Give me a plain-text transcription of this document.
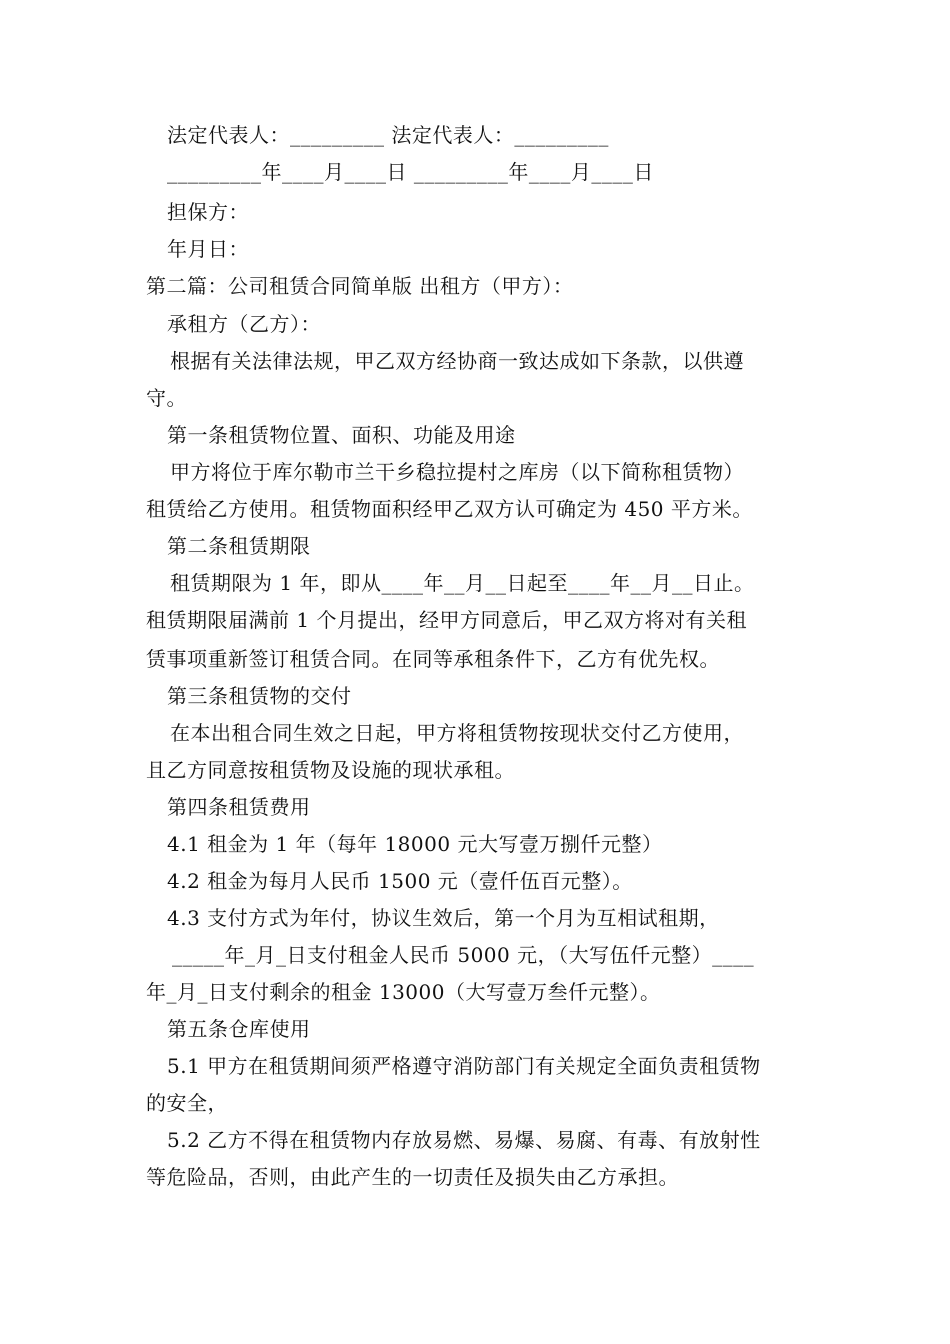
法定代表人：_________ 法定代表人：_________
_________年____月____日 _________年____月____日
担保方：
年月日：
第二篇：公司租赁合同简单版 出租方（甲方）：
承租方（乙方）：
根据有关法律法规，甲乙双方经协商一致达成如下条款，以供遵
守。
第一条租赁物位置、面积、功能及用途
甲方将位于库尔勒市兰干乡稳拉提村之库房（以下简称租赁物）
租赁给乙方使用。租赁物面积经甲乙双方认可确定为 450 平方米。
第二条租赁期限
租赁期限为 1 年，即从____年__月__日起至____年__月__日止。
租赁期限届满前 1 个月提出，经甲方同意后，甲乙双方将对有关租
赁事项重新签订租赁合同。在同等承租条件下，乙方有优先权。
第三条租赁物的交付
在本出租合同生效之日起，甲方将租赁物按现状交付乙方使用，
且乙方同意按租赁物及设施的现状承租。
第四条租赁费用
4.1 租金为 1 年（每年 18000 元大写壹万捌仟元整）
4.2 租金为每月人民币 1500 元（壹仟伍百元整）。
4.3 支付方式为年付，协议生效后，第一个月为互相试租期，
_____年_月_日支付租金人民币 5000 元，（大写伍仟元整）____
年_月_日支付剩余的租金 13000（大写壹万叁仟元整）。
第五条仓库使用
5.1 甲方在租赁期间须严格遵守消防部门有关规定全面负责租赁物
的安全，
5.2 乙方不得在租赁物内存放易燃、易爆、易腐、有毒、有放射性
等危险品，否则，由此产生的一切责任及损失由乙方承担。
